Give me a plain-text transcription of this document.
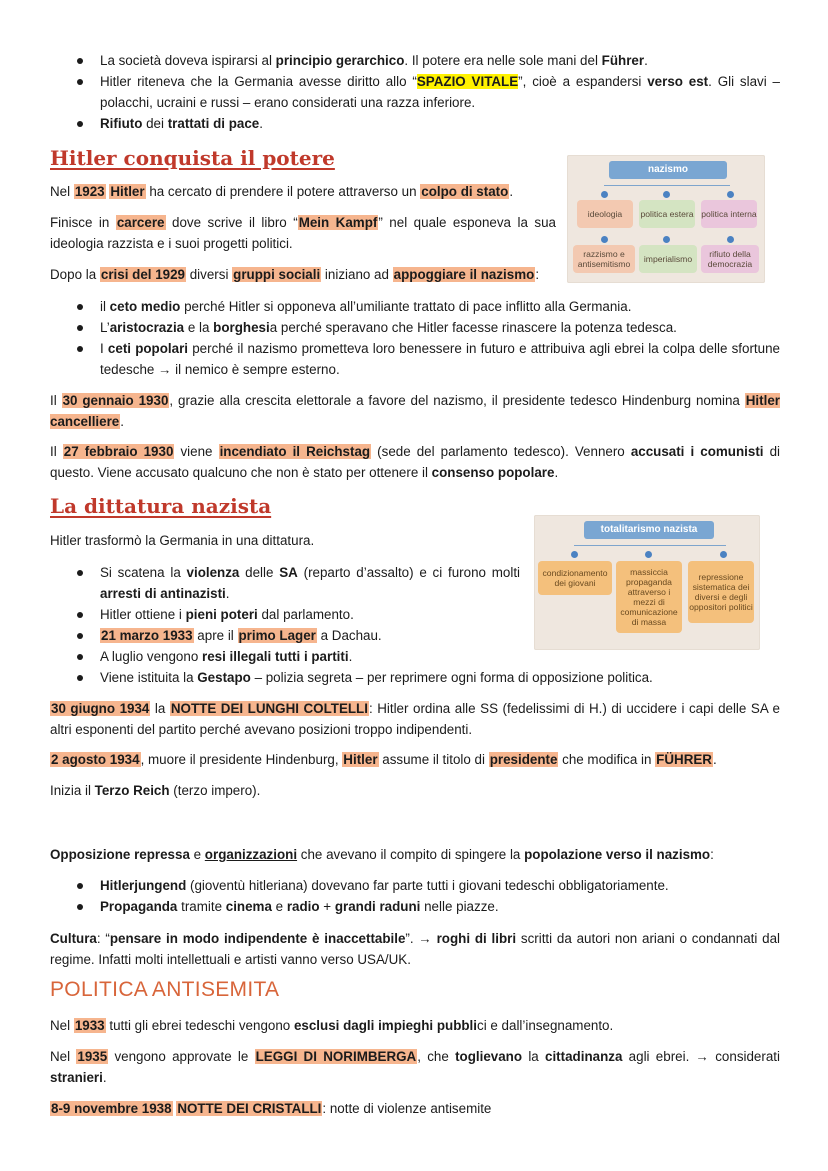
La società doveva ispirarsi al principio gerarchico. Il potere era nelle sole mani del Führer.
Hitler riteneva che la Germania avesse diritto allo “SPAZIO VITALE”, cioè a espandersi verso est. Gli slavi – polacchi, ucraini e russi – erano considerati una razza inferiore.
Rifiuto dei trattati di pace.
Hitler conquista il potere

Nel 1923 Hitler ha cercato di prendere il potere attraverso un colpo di stato.

Finisce in carcere dove scrive il libro “Mein Kampf” nel quale esponeva la sua ideologia razzista e i suoi progetti politici.

Dopo la crisi del 1929 diversi gruppi sociali iniziano ad appoggiare il nazismo:

nazismo
ideologia	politica estera politica interna
razzismo e antisemitismo	imperialismo	rifiuto della democrazia
il ceto medio perché Hitler si opponeva all’umiliante trattato di pace inflitto alla Germania.
L’aristocrazia e la borghesia perché speravano che Hitler facesse rinascere la potenza tedesca.
I ceti popolari perché il nazismo prometteva loro benessere in futuro e attribuiva agli ebrei la colpa delle sfortune tedesche → il nemico è sempre esterno.

Il 30 gennaio 1930, grazie alla crescita elettorale a favore del nazismo, il presidente tedesco Hindenburg nomina Hitler cancelliere.

Il 27 febbraio 1930 viene incendiato il Reichstag (sede del parlamento tedesco). Vennero accusati i comunisti di questo. Viene accusato qualcuno che non è stato per ottenere il consenso popolare.

La dittatura nazista

Hitler trasformò la Germania in una dittatura.

Si scatena la violenza delle SA (reparto d’assalto) e ci furono molti arresti di antinazisti.
Hitler ottiene i pieni poteri dal parlamento.
21 marzo 1933 apre il primo Lager a Dachau.
A luglio vengono resi illegali tutti i partiti.
Viene istituita la Gestapo – polizia segreta – per reprimere ogni forma di opposizione politica.
totalitarismo nazista
condizionamento dei giovani
massiccia propaganda attraverso i mezzi di comunicazione di massa
repressione sistematica dei diversi e degli oppositori politici

30 giugno 1934 la NOTTE DEI LUNGHI COLTELLI: Hitler ordina alle SS (fedelissimi di H.) di uccidere i capi delle SA e altri esponenti del partito perché avevano posizioni troppo indipendenti.

2 agosto 1934, muore il presidente Hindenburg, Hitler assume il titolo di presidente che modifica in FÜHRER.

Inizia il Terzo Reich (terzo impero).

Opposizione repressa e organizzazioni che avevano il compito di spingere la popolazione verso il nazismo:

Hitlerjungend (gioventù hitleriana) dovevano far parte tutti i giovani tedeschi obbligatoriamente.
Propaganda tramite cinema e radio + grandi raduni nelle piazze.

Cultura: “pensare in modo indipendente è inaccettabile”. → roghi di libri scritti da autori non ariani o condannati dal regime. Infatti molti intellettuali e artisti vanno verso USA/UK.

POLITICA ANTISEMITA

Nel 1933 tutti gli ebrei tedeschi vengono esclusi dagli impieghi pubblici e dall’insegnamento.

Nel 1935 vengono approvate le LEGGI DI NORIMBERGA, che toglievano la cittadinanza agli ebrei. → considerati stranieri.

8-9 novembre 1938 NOTTE DEI CRISTALLI: notte di violenze antisemite
